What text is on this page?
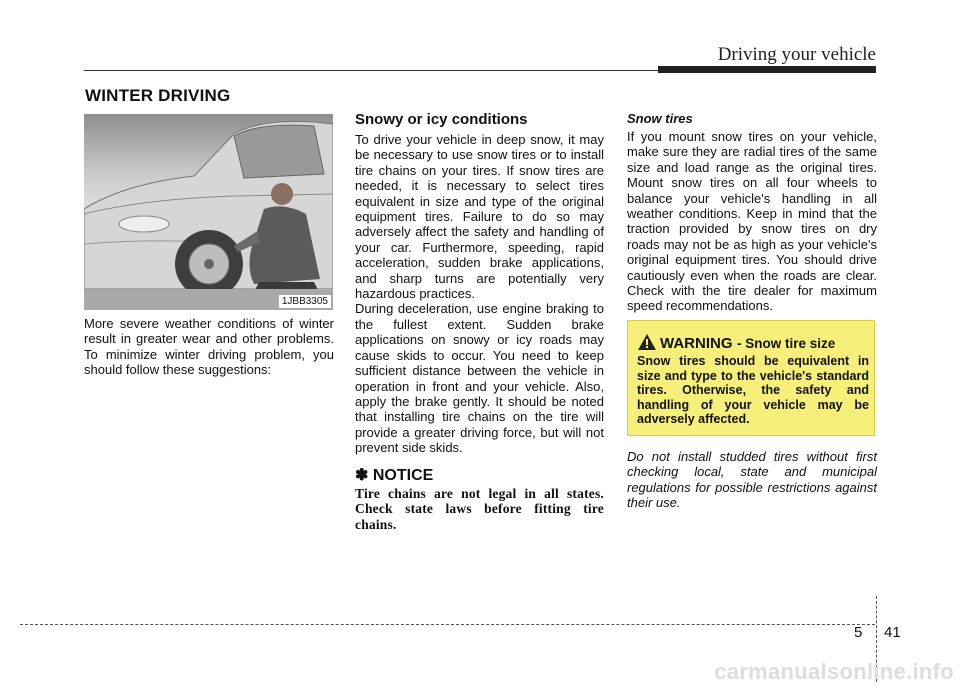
Driving your vehicle
WINTER DRIVING
1JBB3305
More severe weather conditions of winter result in greater wear and other problems. To minimize winter driving problem, you should follow these suggestions:
Snowy or icy conditions
To drive your vehicle in deep snow, it may be necessary to use snow tires or to install tire chains on your tires. If snow tires are needed, it is necessary to select tires equivalent in size and type of the original equipment tires. Failure to do so may adversely affect the safety and handling of your car. Furthermore, speeding, rapid acceleration, sudden brake applications, and sharp turns are potentially very hazardous practices.
During deceleration, use engine braking to the fullest extent. Sudden brake applications on snowy or icy roads may cause skids to occur. You need to keep sufficient distance between the vehicle in operation in front and your vehicle. Also, apply the brake gently. It should be noted that installing tire chains on the tire will provide a greater driving force, but will not prevent side skids.
✽ NOTICE
Tire chains are not legal in all states. Check state laws before fitting tire chains.
Snow tires
If you mount snow tires on your vehicle, make sure they are radial tires of the same size and load range as the original tires. Mount snow tires on all four wheels to balance your vehicle's handling in all weather conditions. Keep in mind that the traction provided by snow tires on dry roads may not be as high as your vehicle's original equipment tires. You should drive cautiously even when the roads are clear. Check with the tire dealer for maximum speed recommendations.
WARNING - Snow tire size
Snow tires should be equivalent in size and type to the vehicle's standard tires. Otherwise, the safety and handling of your vehicle may be adversely affected.
Do not install studded tires without first checking local, state and municipal regulations for possible restrictions against their use.
5 41
carmanualsonline.info
